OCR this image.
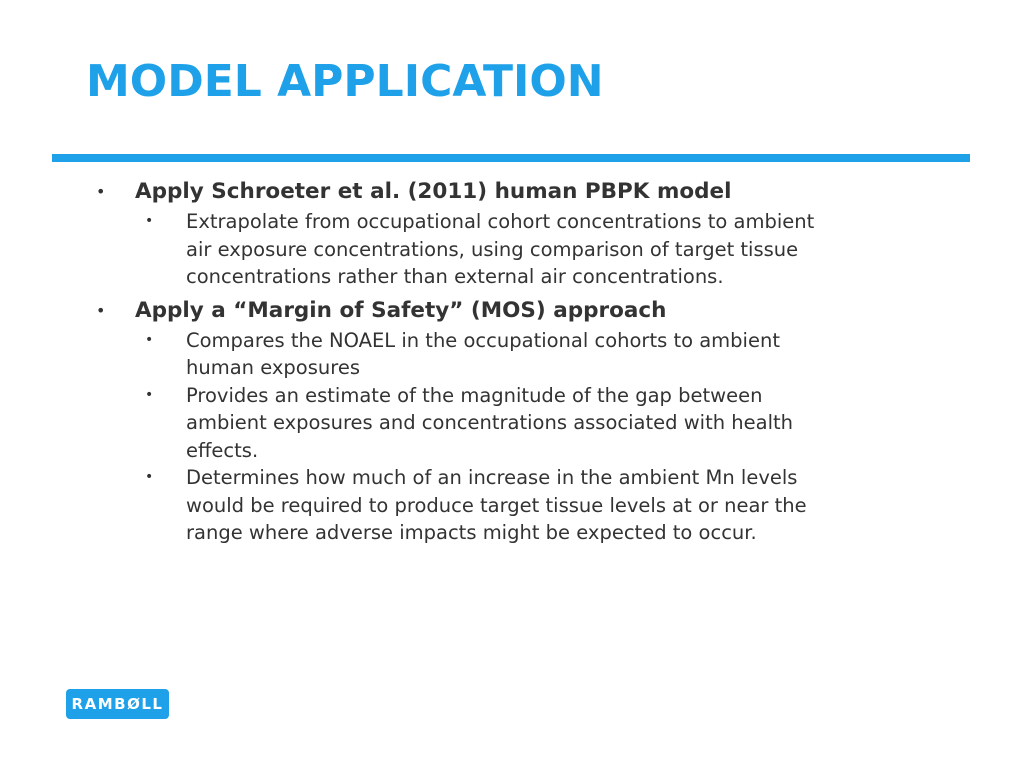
MODEL APPLICATION
• Apply Schroeter et al. (2011) human PBPK model
• Extrapolate from occupational cohort concentrations to ambient
air exposure concentrations, using comparison of target tissue
concentrations rather than external air concentrations.
• Apply a “Margin of Safety” (MOS) approach
• Compares the NOAEL in the occupational cohorts to ambient
human exposures
• Provides an estimate of the magnitude of the gap between
ambient exposures and concentrations associated with health
effects.
• Determines how much of an increase in the ambient Mn levels
would be required to produce target tissue levels at or near the
range where adverse impacts might be expected to occur.
RAMBØLL
